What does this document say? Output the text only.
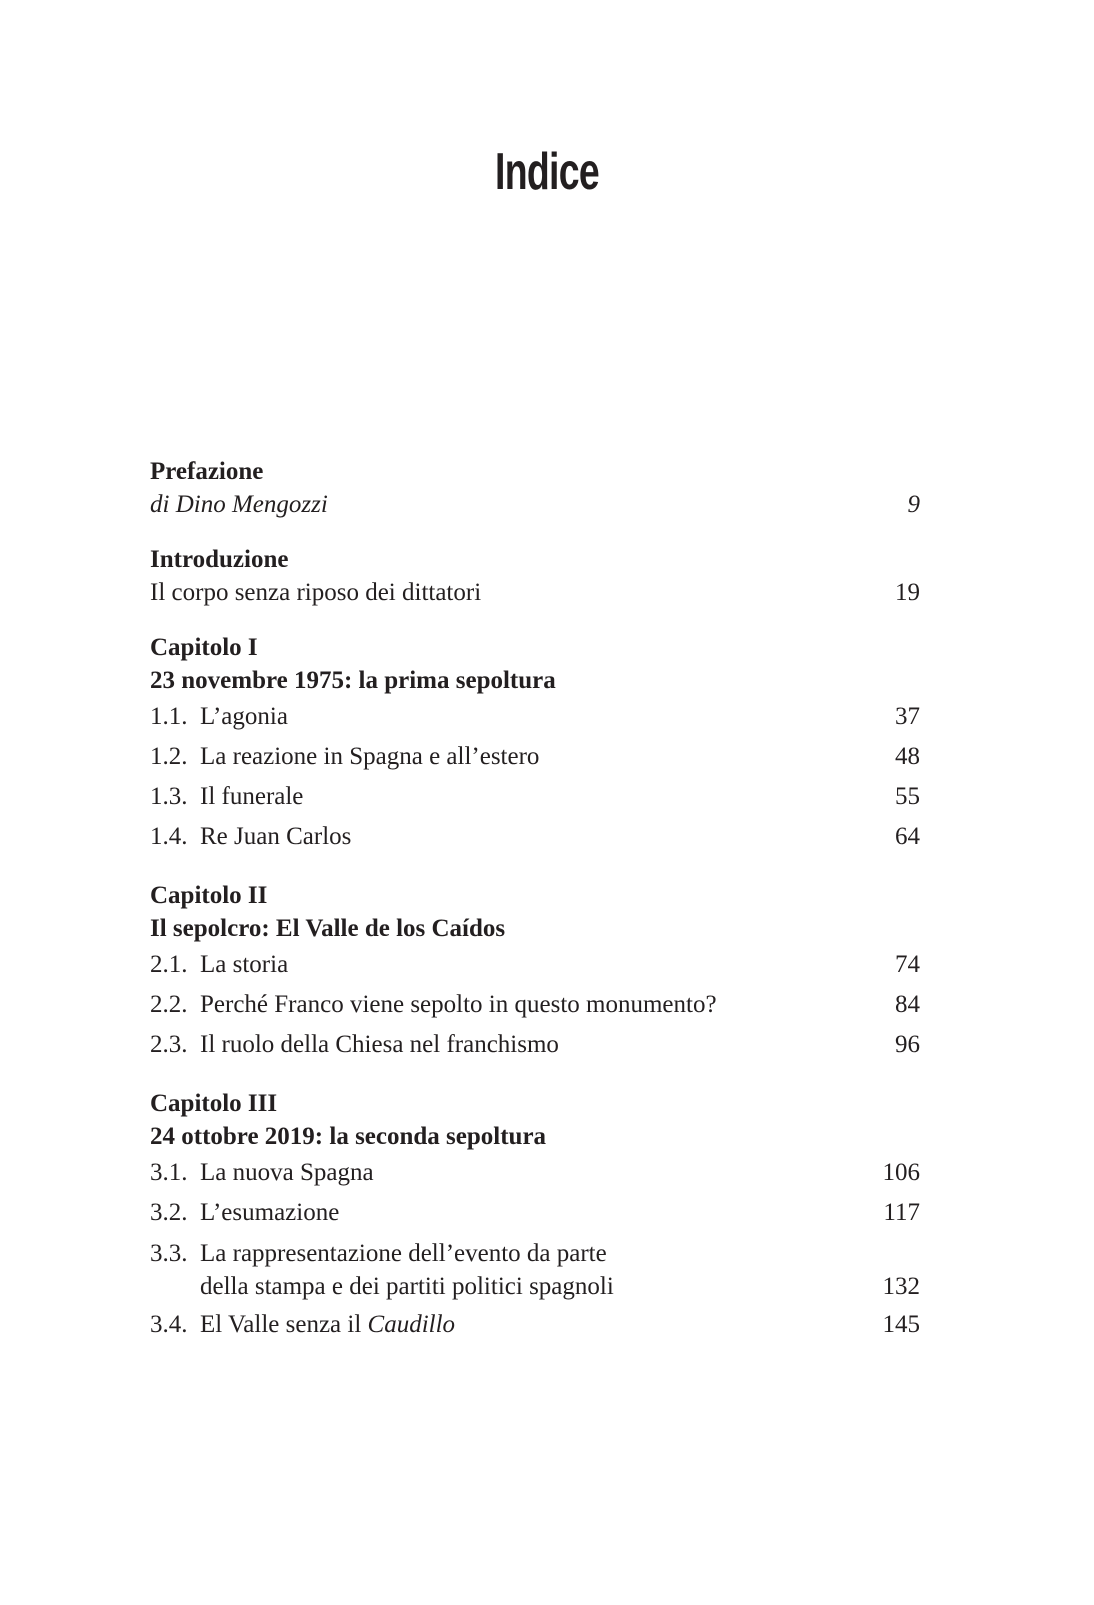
Indice
Prefazione
di Dino Mengozzi	9
Introduzione
Il corpo senza riposo dei dittatori	19
Capitolo I
23 novembre 1975: la prima sepoltura
1.1. L’agonia	37
1.2. La reazione in Spagna e all’estero	48
1.3. Il funerale	55
1.4. Re Juan Carlos	64
Capitolo II
Il sepolcro: El Valle de los Caídos
2.1. La storia	74
2.2. Perché Franco viene sepolto in questo monumento?	84
2.3. Il ruolo della Chiesa nel franchismo	96
Capitolo III
24 ottobre 2019: la seconda sepoltura
3.1. La nuova Spagna	106
3.2. L’esumazione	117
3.3. La rappresentazione dell’evento da parte
della stampa e dei partiti politici spagnoli	132
3.4. El Valle senza il Caudillo	145
